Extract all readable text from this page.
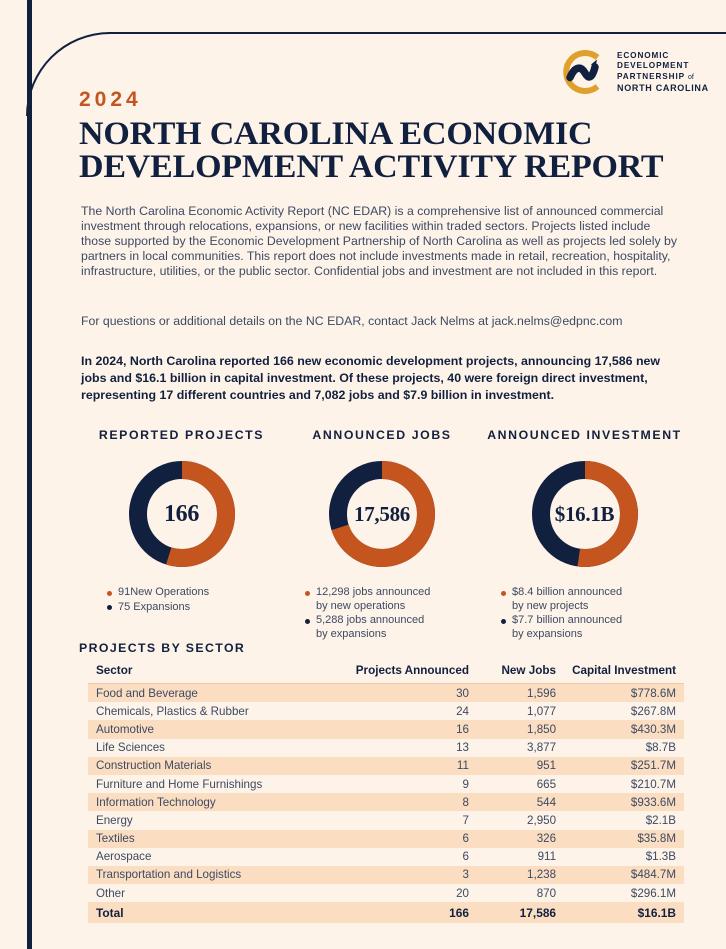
ECONOMIC
DEVELOPMENT
PARTNERSHIP of
NORTH CAROLINA
2024
NORTH CAROLINA ECONOMIC DEVELOPMENT ACTIVITY REPORT
The North Carolina Economic Activity Report (NC EDAR) is a comprehensive list of announced commercial investment through relocations, expansions, or new facilities within traded sectors. Projects listed include those supported by the Economic Development Partnership of North Carolina as well as projects led solely by partners in local communities. This report does not include investments made in retail, recreation, hospitality, infrastructure, utilities, or the public sector. Confidential jobs and investment are not included in this report.
For questions or additional details on the NC EDAR, contact Jack Nelms at jack.nelms@edpnc.com
In 2024, North Carolina reported 166 new economic development projects, announcing 17,586 new jobs and $16.1 billion in capital investment. Of these projects, 40 were foreign direct investment, representing 17 different countries and 7,082 jobs and $7.9 billion in investment.
REPORTED PROJECTS
166
91New Operations
75 Expansions
ANNOUNCED JOBS
17,586
12,298 jobs announced
by new operations
5,288 jobs announced
by expansions
ANNOUNCED INVESTMENT
$16.1B
$8.4 billion announced
by new projects
$7.7 billion announced
by expansions
PROJECTS BY SECTOR
Sector	Projects Announced	New Jobs	Capital Investment
Food and Beverage	30	1,596	$778.6M
Chemicals, Plastics & Rubber	24	1,077	$267.8M
Automotive	16	1,850	$430.3M
Life Sciences	13	3,877	$8.7B
Construction Materials	11	951	$251.7M
Furniture and Home Furnishings	9	665	$210.7M
Information Technology	8	544	$933.6M
Energy	7	2,950	$2.1B
Textiles	6	326	$35.8M
Aerospace	6	911	$1.3B
Transportation and Logistics	3	1,238	$484.7M
Other	20	870	$296.1M
Total	166	17,586	$16.1B
